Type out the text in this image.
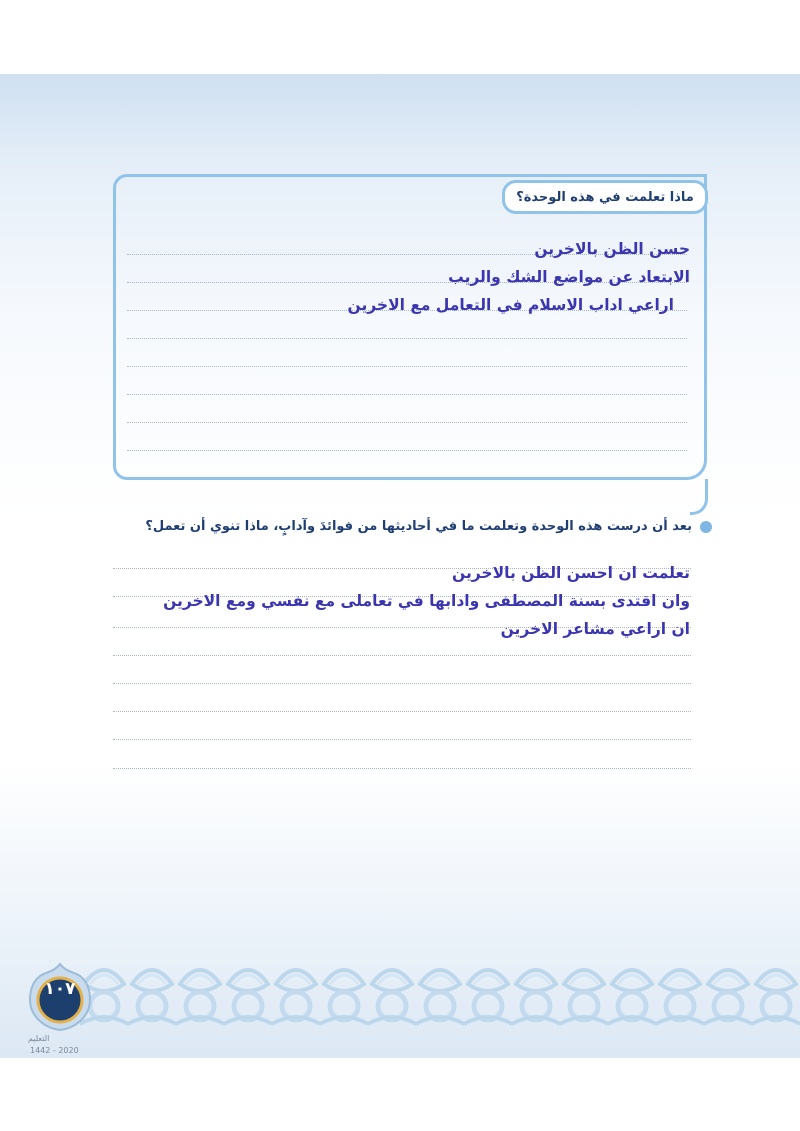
ماذا تعلمت في هذه الوحدة؟
حسن الظن بالاخرين
الابتعاد عن مواضع الشك والريب
اراعي اداب الاسلام في التعامل مع الاخرين
بعد أن درست هذه الوحدة وتعلمت ما في أحاديثها من فوائدَ وآدابٍ، ماذا تنوي أن تعمل؟
تعلمت ان احسن الظن بالاخرين
وان اقتدى بسنة المصطفى وادابها في تعاملى مع نفسي ومع الاخرين
ان اراعي مشاعر الاخرين
١٠٧
التعليم
1442 - 2020
